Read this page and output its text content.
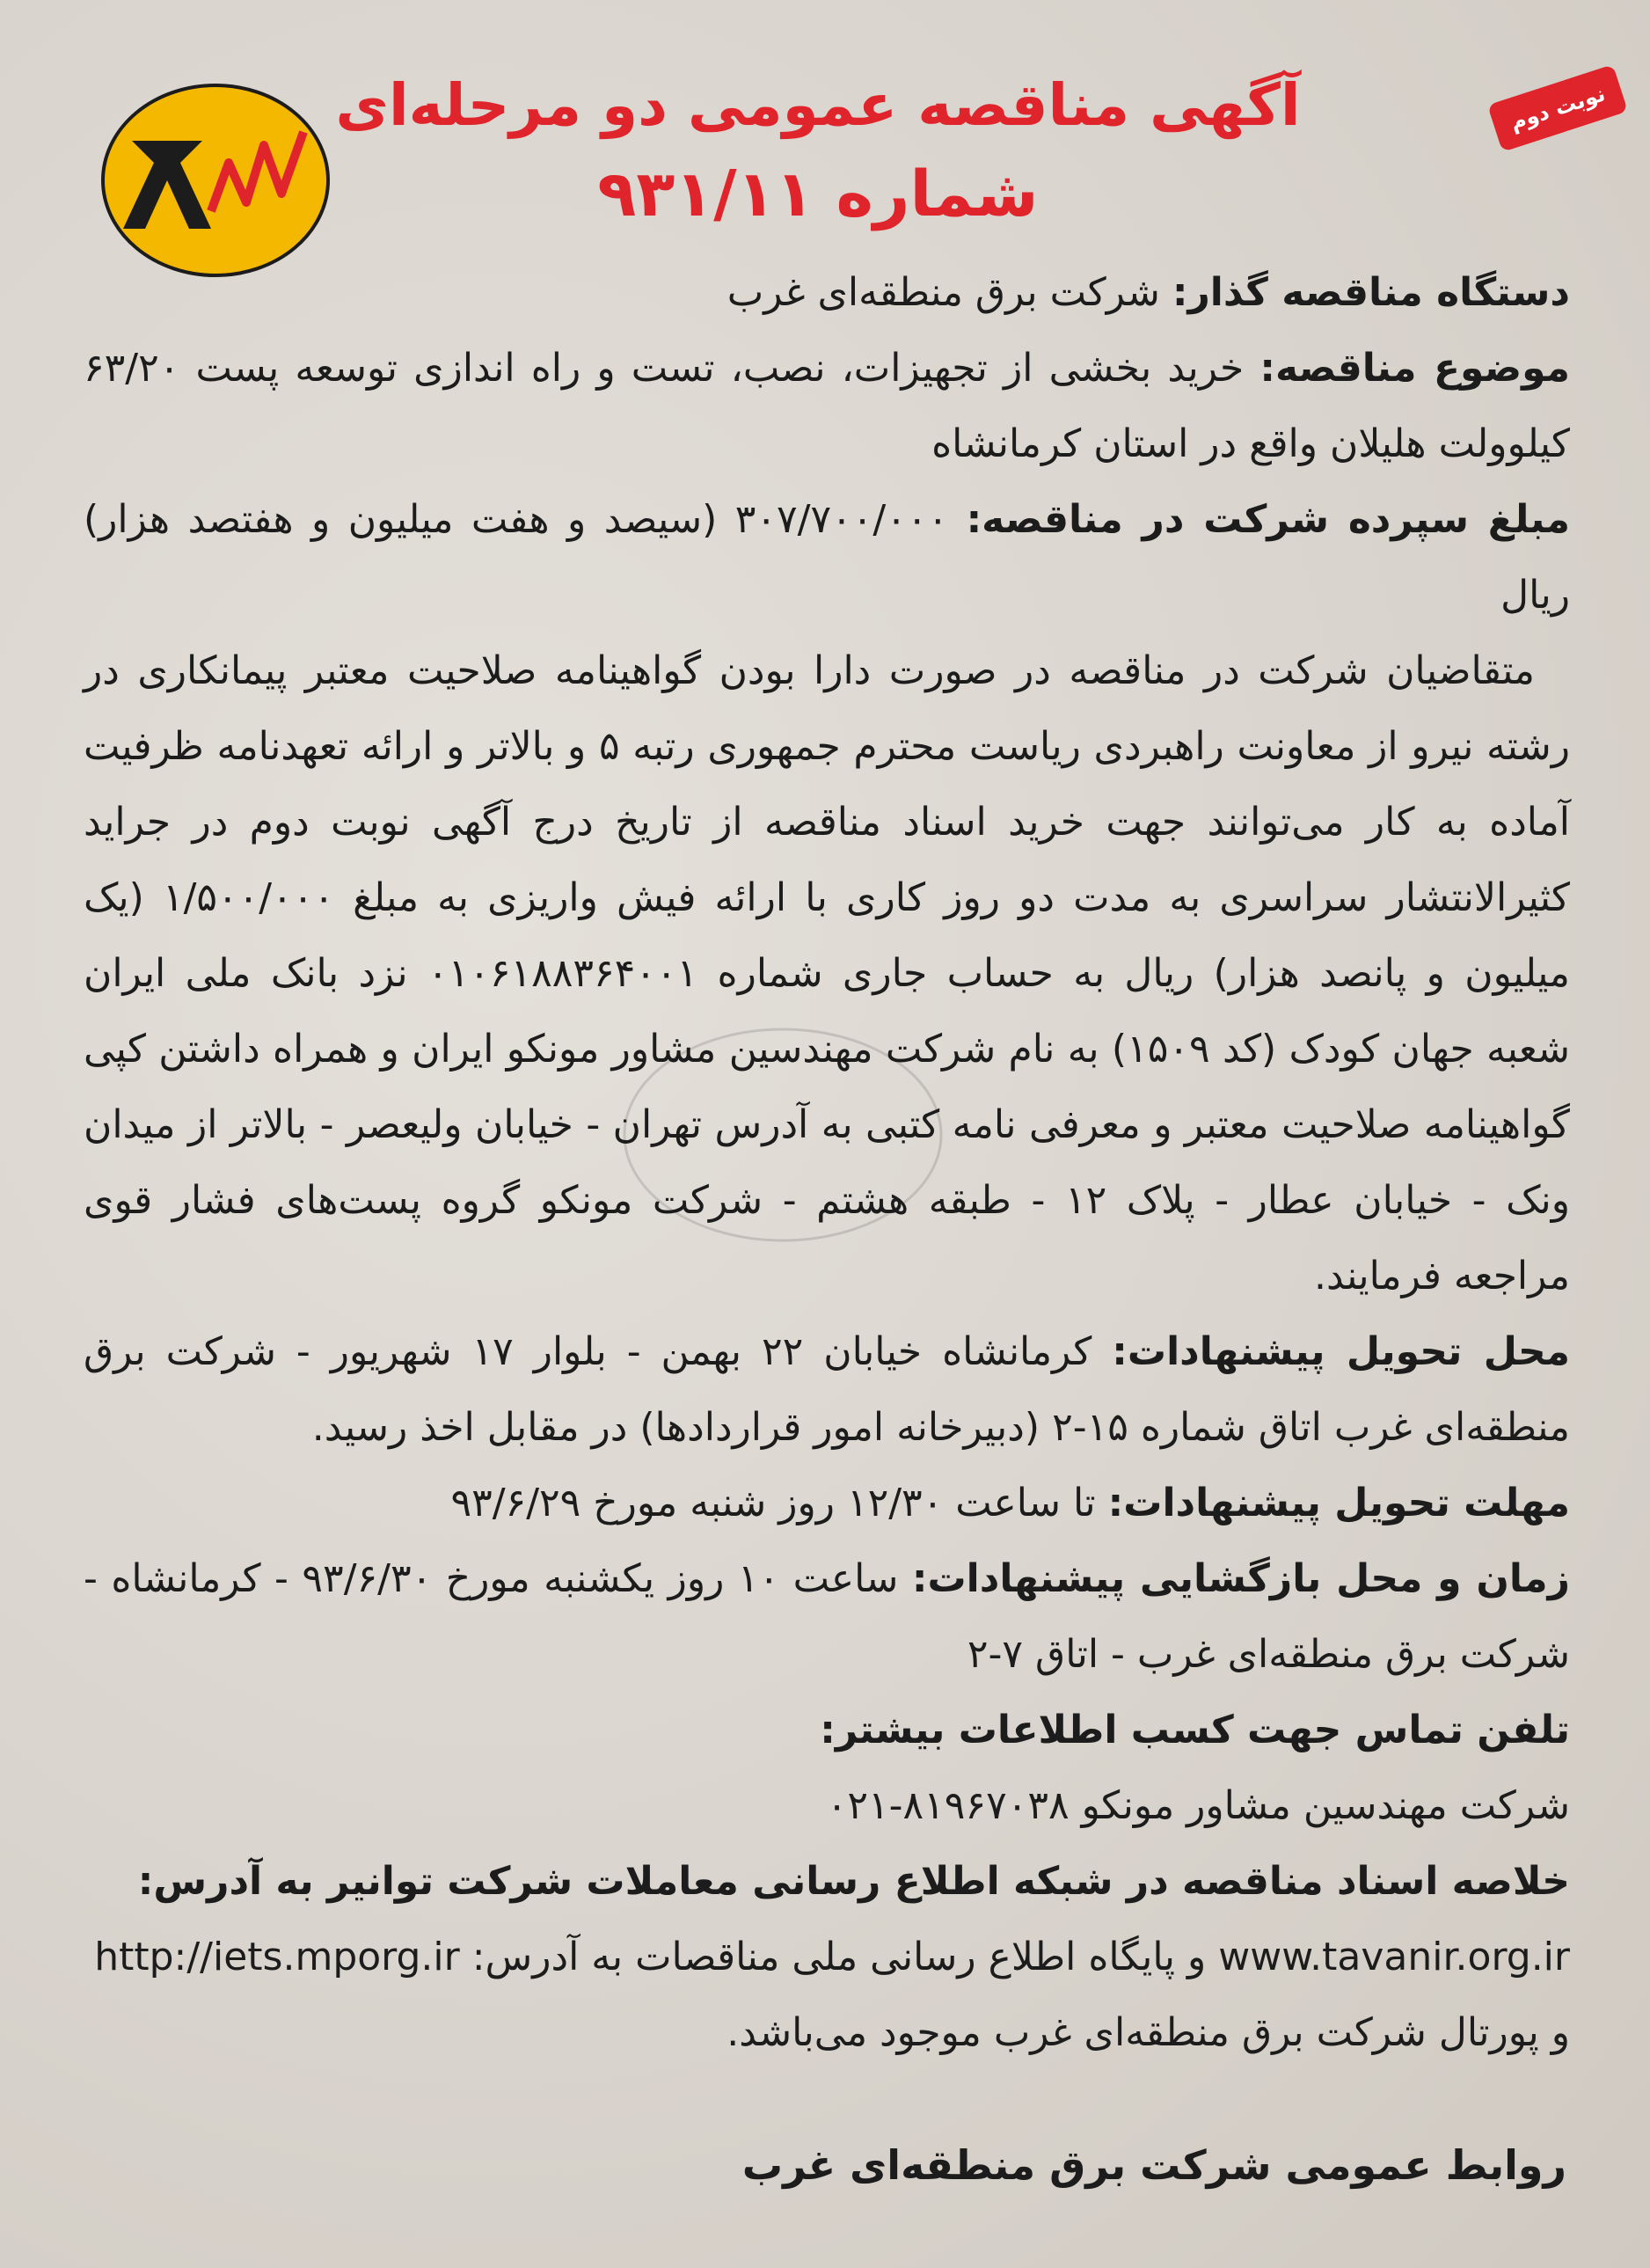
آگهی مناقصه عمومی دو مرحله‌ای
شماره ۹۳۱/۱۱
نوبت دوم

دستگاه مناقصه گذار: شرکت برق منطقه‌ای غرب

موضوع مناقصه: خرید بخشی از تجهیزات، نصب، تست و راه اندازی توسعه پست ۶۳/۲۰ کیلوولت هلیلان واقع در استان کرمانشاه

مبلغ سپرده شرکت در مناقصه: ۳۰۷/۷۰۰/۰۰۰ (سیصد و هفت میلیون و هفتصد هزار) ریال

متقاضیان شرکت در مناقصه در صورت دارا بودن گواهینامه صلاحیت معتبر پیمانکاری در رشته نیرو از معاونت راهبردی ریاست محترم جمهوری رتبه ۵ و بالاتر و ارائه تعهدنامه ظرفیت آماده به کار می‌توانند جهت خرید اسناد مناقصه از تاریخ درج آگهی نوبت دوم در جراید کثیرالانتشار سراسری به مدت دو روز کاری با ارائه فیش واریزی به مبلغ ۱/۵۰۰/۰۰۰ (یک میلیون و پانصد هزار) ریال به حساب جاری شماره ۰۱۰۶۱۸۸۳۶۴۰۰۱ نزد بانک ملی ایران شعبه جهان کودک (کد ۱۵۰۹) به نام شرکت مهندسین مشاور مونکو ایران و همراه داشتن کپی گواهینامه صلاحیت معتبر و معرفی نامه کتبی به آدرس تهران - خیابان ولیعصر - بالاتر از میدان ونک - خیابان عطار - پلاک ۱۲ - طبقه هشتم - شرکت مونکو گروه پست‌های فشار قوی مراجعه فرمایند.

محل تحویل پیشنهادات: کرمانشاه خیابان ۲۲ بهمن - بلوار ۱۷ شهریور - شرکت برق منطقه‌ای غرب اتاق شماره ۱۵-۲ (دبیرخانه امور قراردادها) در مقابل اخذ رسید.

مهلت تحویل پیشنهادات: تا ساعت ۱۲/۳۰ روز شنبه مورخ ۹۳/۶/۲۹

زمان و محل بازگشایی پیشنهادات: ساعت ۱۰ روز یکشنبه مورخ ۹۳/۶/۳۰ - کرمانشاه - شرکت برق منطقه‌ای غرب - اتاق ۷-۲

تلفن تماس جهت کسب اطلاعات بیشتر:

شرکت مهندسین مشاور مونکو ۸۱۹۶۷۰۳۸-۰۲۱

خلاصه اسناد مناقصه در شبکه اطلاع رسانی معاملات شرکت توانیر به آدرس:

www.tavanir.org.ir و پایگاه اطلاع رسانی ملی مناقصات به آدرس: http://iets.mporg.ir

و پورتال شرکت برق منطقه‌ای غرب موجود می‌باشد.

روابط عمومی شرکت برق منطقه‌ای غرب
